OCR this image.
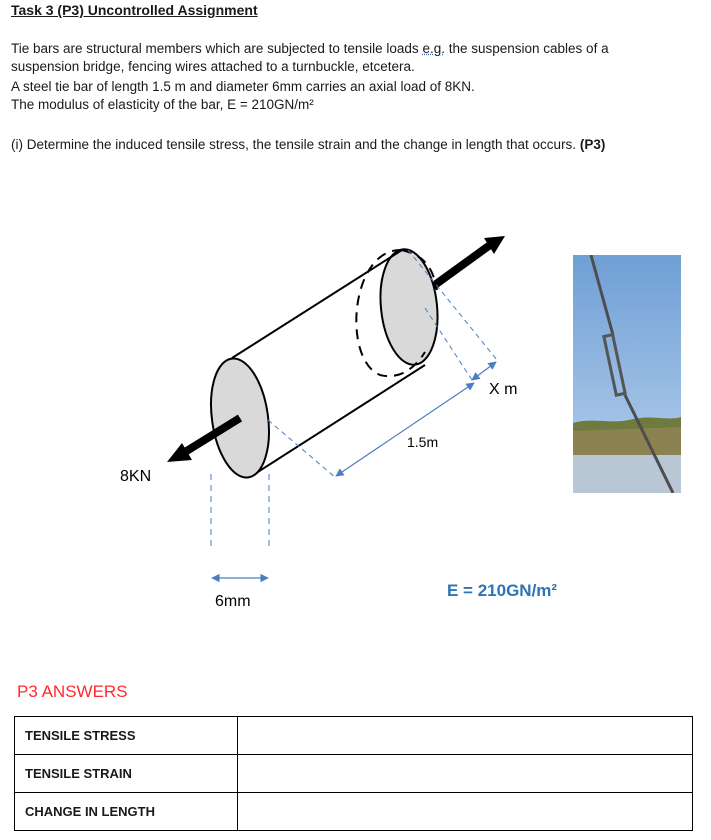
Task 3 (P3) Uncontrolled Assignment
Tie bars are structural members which are subjected to tensile loads e.g. the suspension cables of a
suspension bridge, fencing wires attached to a turnbuckle, etcetera.
A steel tie bar of length 1.5 m and diameter 6mm carries an axial load of 8KN.
The modulus of elasticity of the bar, E = 210GN/m²
(i) Determine the induced tensile stress, the tensile strain and the change in length that occurs. (P3)
8KN
1.5m
X m
6mm
E = 210GN/m²
P3 ANSWERS
TENSILE STRESS	
TENSILE STRAIN	
CHANGE IN LENGTH	
